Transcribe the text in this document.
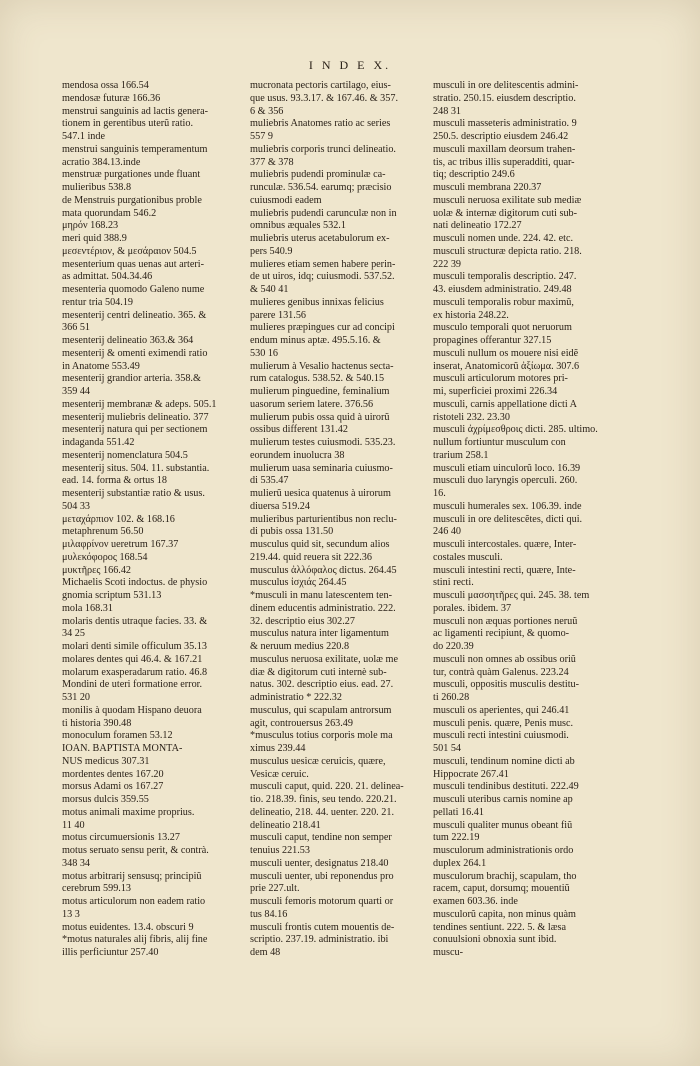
I N D E X.
mendosa ossa 166.54
mendosæ futuræ 166.36
menstrui sanguinis ad lactis genera-
tionem in gerentibus uterũ ratio.
547.1 inde
menstrui sanguinis temperamentum
acratio 384.13.inde
menstruæ purgationes unde fluant
mulieribus 538.8
de Menstruis purgationibus proble
mata quorundam 546.2
μηρόν 168.23
meri quid 388.9
μεσεντέριον, & μεσάραιον 504.5
mesenterium quas uenas aut arteri-
as admittat. 504.34.46
mesenteria quomodo Galeno nume
rentur tria 504.19
mesenterij centri delineatio. 365. &
366 51
mesenterij delineatio 363.& 364
mesenterij & omenti eximendi ratio
in Anatome 553.49
mesenterij grandior arteria. 358.&
359 44
mesenterij membranæ & adeps. 505.1
mesenterij muliebris delineatio. 377
mesenterij natura qui per sectionem
indaganda 551.42
mesenterij nomenclatura 504.5
mesenterij situs. 504. 11. substantia.
ead. 14. forma & ortus 18
mesenterij substantiæ ratio & usus.
504 33
μεταχάρπιον 102. & 168.16
metaphrenum 56.50
μιλαφρίνον ueretrum 167.37
μυλεκόφορος 168.54
μυκτῆρες 166.42
Michaelis Scoti indoctus. de physio
gnomia scriptum 531.13
mola 168.31
molaris dentis utraque facies. 33. &
34 25
molari denti simile officulum 35.13
molares dentes qui 46.4. & 167.21
molarum exasperadarum ratio. 46.8
Mondini de uteri formatione error.
531 20
monilis à quodam Hispano deuora
ti historia 390.48
monoculum foramen 53.12
IOAN. BAPTISTA MONTA-
NUS medicus 307.31
mordentes dentes 167.20
morsus Adami os 167.27
morsus dulcis 359.55
motus animali maxime proprius.
11 40
motus circumuersionis 13.27
motus seruato sensu perit, & contrà.
348 34
motus arbitrarij sensusq; principiũ
cerebrum 599.13
motus articulorum non eadem ratio
13 3
motus euidentes. 13.4. obscuri 9
*motus naturales alij fibris, alij fine
illis perficiuntur 257.40
mucronata pectoris cartilago, eius-
que usus. 93.3.17. & 167.46. & 357.
6 & 356
muliebris Anatomes ratio ac series
557 9
muliebris corporis trunci delineatio.
377 & 378
muliebris pudendi prominulæ ca-
runculæ. 536.54. earumq; præcisio
cuiusmodi eadem
muliebris pudendi carunculæ non in
omnibus æquales 532.1
muliebris uterus acetabulorum ex-
pers 540.9
mulieres etiam semen habere perin-
de ut uiros, idq; cuiusmodi. 537.52.
& 540 41
mulieres genibus innixas felicius
parere 131.56
mulieres præpingues cur ad concipi
endum minus aptæ. 495.5.16. &
530 16
mulierum à Vesalio hactenus secta-
rum catalogus. 538.52. & 540.15
mulierum pinguedine, feminalium
uasorum seriem latere. 376.56
mulierum pubis ossa quid à uirorũ
ossibus different 131.42
mulierum testes cuiusmodi. 535.23.
eorundem inuolucra 38
mulierum uasa seminaria cuiusmo-
di 535.47
mulierũ uesica quatenus à uirorum
diuersa 519.24
mulieribus parturientibus non reclu-
di pubis ossa 131.50
musculus quid sit, secundum alios
219.44. quid reuera sit 222.36
musculus ἀλλόφαλος dictus. 264.45
musculus ἰσχιάς 264.45
*musculi in manu latescentem ten-
dinem educentis administratio. 222.
32. descriptio eius 302.27
musculus natura inter ligamentum
& neruum medius 220.8
musculus neruosa exilitate, uolæ me
diæ & digitorum cuti internè sub-
natus. 302. descriptio eius. ead. 27.
administratio * 222.32
musculus, qui scapulam antrorsum
agit, controuersus 263.49
*musculus totius corporis mole ma
ximus 239.44
musculus uesicæ ceruicis, quære,
Vesicæ ceruic.
musculi caput, quid. 220. 21. delinea-
tio. 218.39. finis, seu tendo. 220.21.
delineatio, 218. 44. uenter. 220. 21.
delineatio 218.41
musculi caput, tendine non semper
tenuius 221.53
musculi uenter, designatus 218.40
musculi uenter, ubi reponendus pro
prie 227.ult.
musculi femoris motorum quarti or
tus 84.16
musculi frontis cutem mouentis de-
scriptio. 237.19. administratio. ibi
dem 48
musculi in ore delitescentis admini-
stratio. 250.15. eiusdem descriptio.
248 31
musculi masseteris administratio. 9
250.5. descriptio eiusdem 246.42
musculi maxillam deorsum trahen-
tis, ac tribus illis superadditi, quar-
tiq; descriptio 249.6
musculi membrana 220.37
musculi neruosa exilitate sub mediæ
uolæ & internæ digitorum cuti sub-
nati delineatio 172.27
musculi nomen unde. 224. 42. etc.
musculi structuræ depicta ratio. 218.
222 39
musculi temporalis descriptio. 247.
43. eiusdem administratio. 249.48
musculi temporalis robur maximũ,
ex historia 248.22.
musculo temporali quot neruorum
propagines offerantur 327.15
musculi nullum os mouere nisi eidẽ
inserat, Anatomicorũ ἀξίωμα. 307.6
musculi articulorum motores pri-
mi, superficiei proximi 226.34
musculi, carnis appellatione dicti A
ristoteli 232. 23.30
musculi ἀχρίμεσθροις dicti. 285. ultimo.
nullum fortiuntur musculum con
trarium 258.1
musculi etiam uinculorũ loco. 16.39
musculi duo laryngis operculi. 260.
16.
musculi humerales sex. 106.39. inde
musculi in ore delitescẽtes, dicti qui.
246 40
musculi intercostales. quære, Inter-
costales musculi.
musculi intestini recti, quære, Inte-
stini recti.
musculi μασσητῆρες qui. 245. 38. tem
porales. ibidem. 37
musculi non æquas portiones neruũ
ac ligamenti recipiunt, & quomo-
do 220.39
musculi non omnes ab ossibus oriũ
tur, contrà quàm Galenus. 223.24
musculi, oppositis musculis destitu-
ti 260.28
musculi os aperientes, qui 246.41
musculi penis. quære, Penis musc.
musculi recti intestini cuiusmodi.
501 54
musculi, tendinum nomine dicti ab
Hippocrate 267.41
musculi tendinibus destituti. 222.49
musculi uteribus carnis nomine ap
pellati 16.41
musculi qualiter munus obeant fiũ
tum 222.19
musculorum administrationis ordo
duplex 264.1
musculorum brachij, scapulam, tho
racem, caput, dorsumq; mouentiũ
examen 603.36. inde
musculorũ capita, non minus quàm
tendines sentiunt. 222. 5. & læsa
conuulsioni obnoxia sunt ibid.
muscu-
